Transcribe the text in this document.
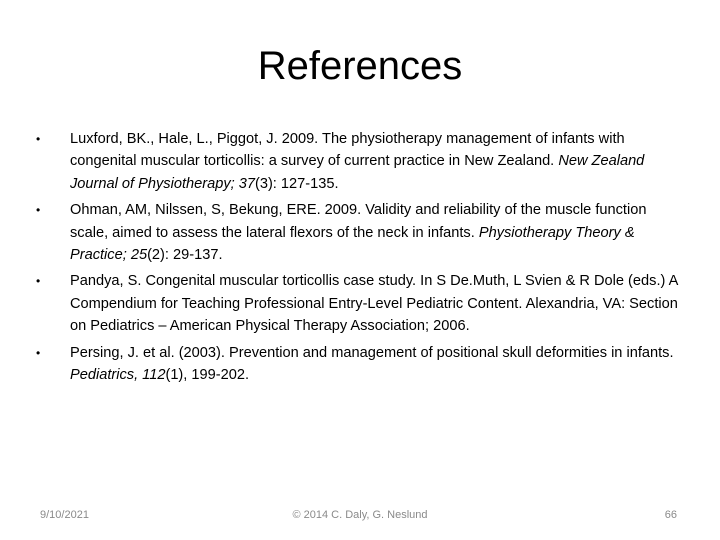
References
•	Luxford, BK., Hale, L., Piggot, J. 2009. The physiotherapy management of infants with congenital muscular torticollis: a survey of current practice in New Zealand. New Zealand Journal of Physiotherapy; 37(3): 127-135.
•	Ohman, AM, Nilssen, S, Bekung, ERE. 2009. Validity and reliability of the muscle function scale, aimed to assess the lateral flexors of the neck in infants. Physiotherapy Theory & Practice; 25(2): 29-137.
•	Pandya, S. Congenital muscular torticollis case study. In S De.Muth, L Svien & R Dole (eds.) A Compendium for Teaching Professional Entry-Level Pediatric Content. Alexandria, VA: Section on Pediatrics – American Physical Therapy Association; 2006.
•	Persing, J. et al. (2003). Prevention and management of positional skull deformities in infants. Pediatrics, 112(1), 199-202.
9/10/2021	© 2014 C. Daly, G. Neslund	66
